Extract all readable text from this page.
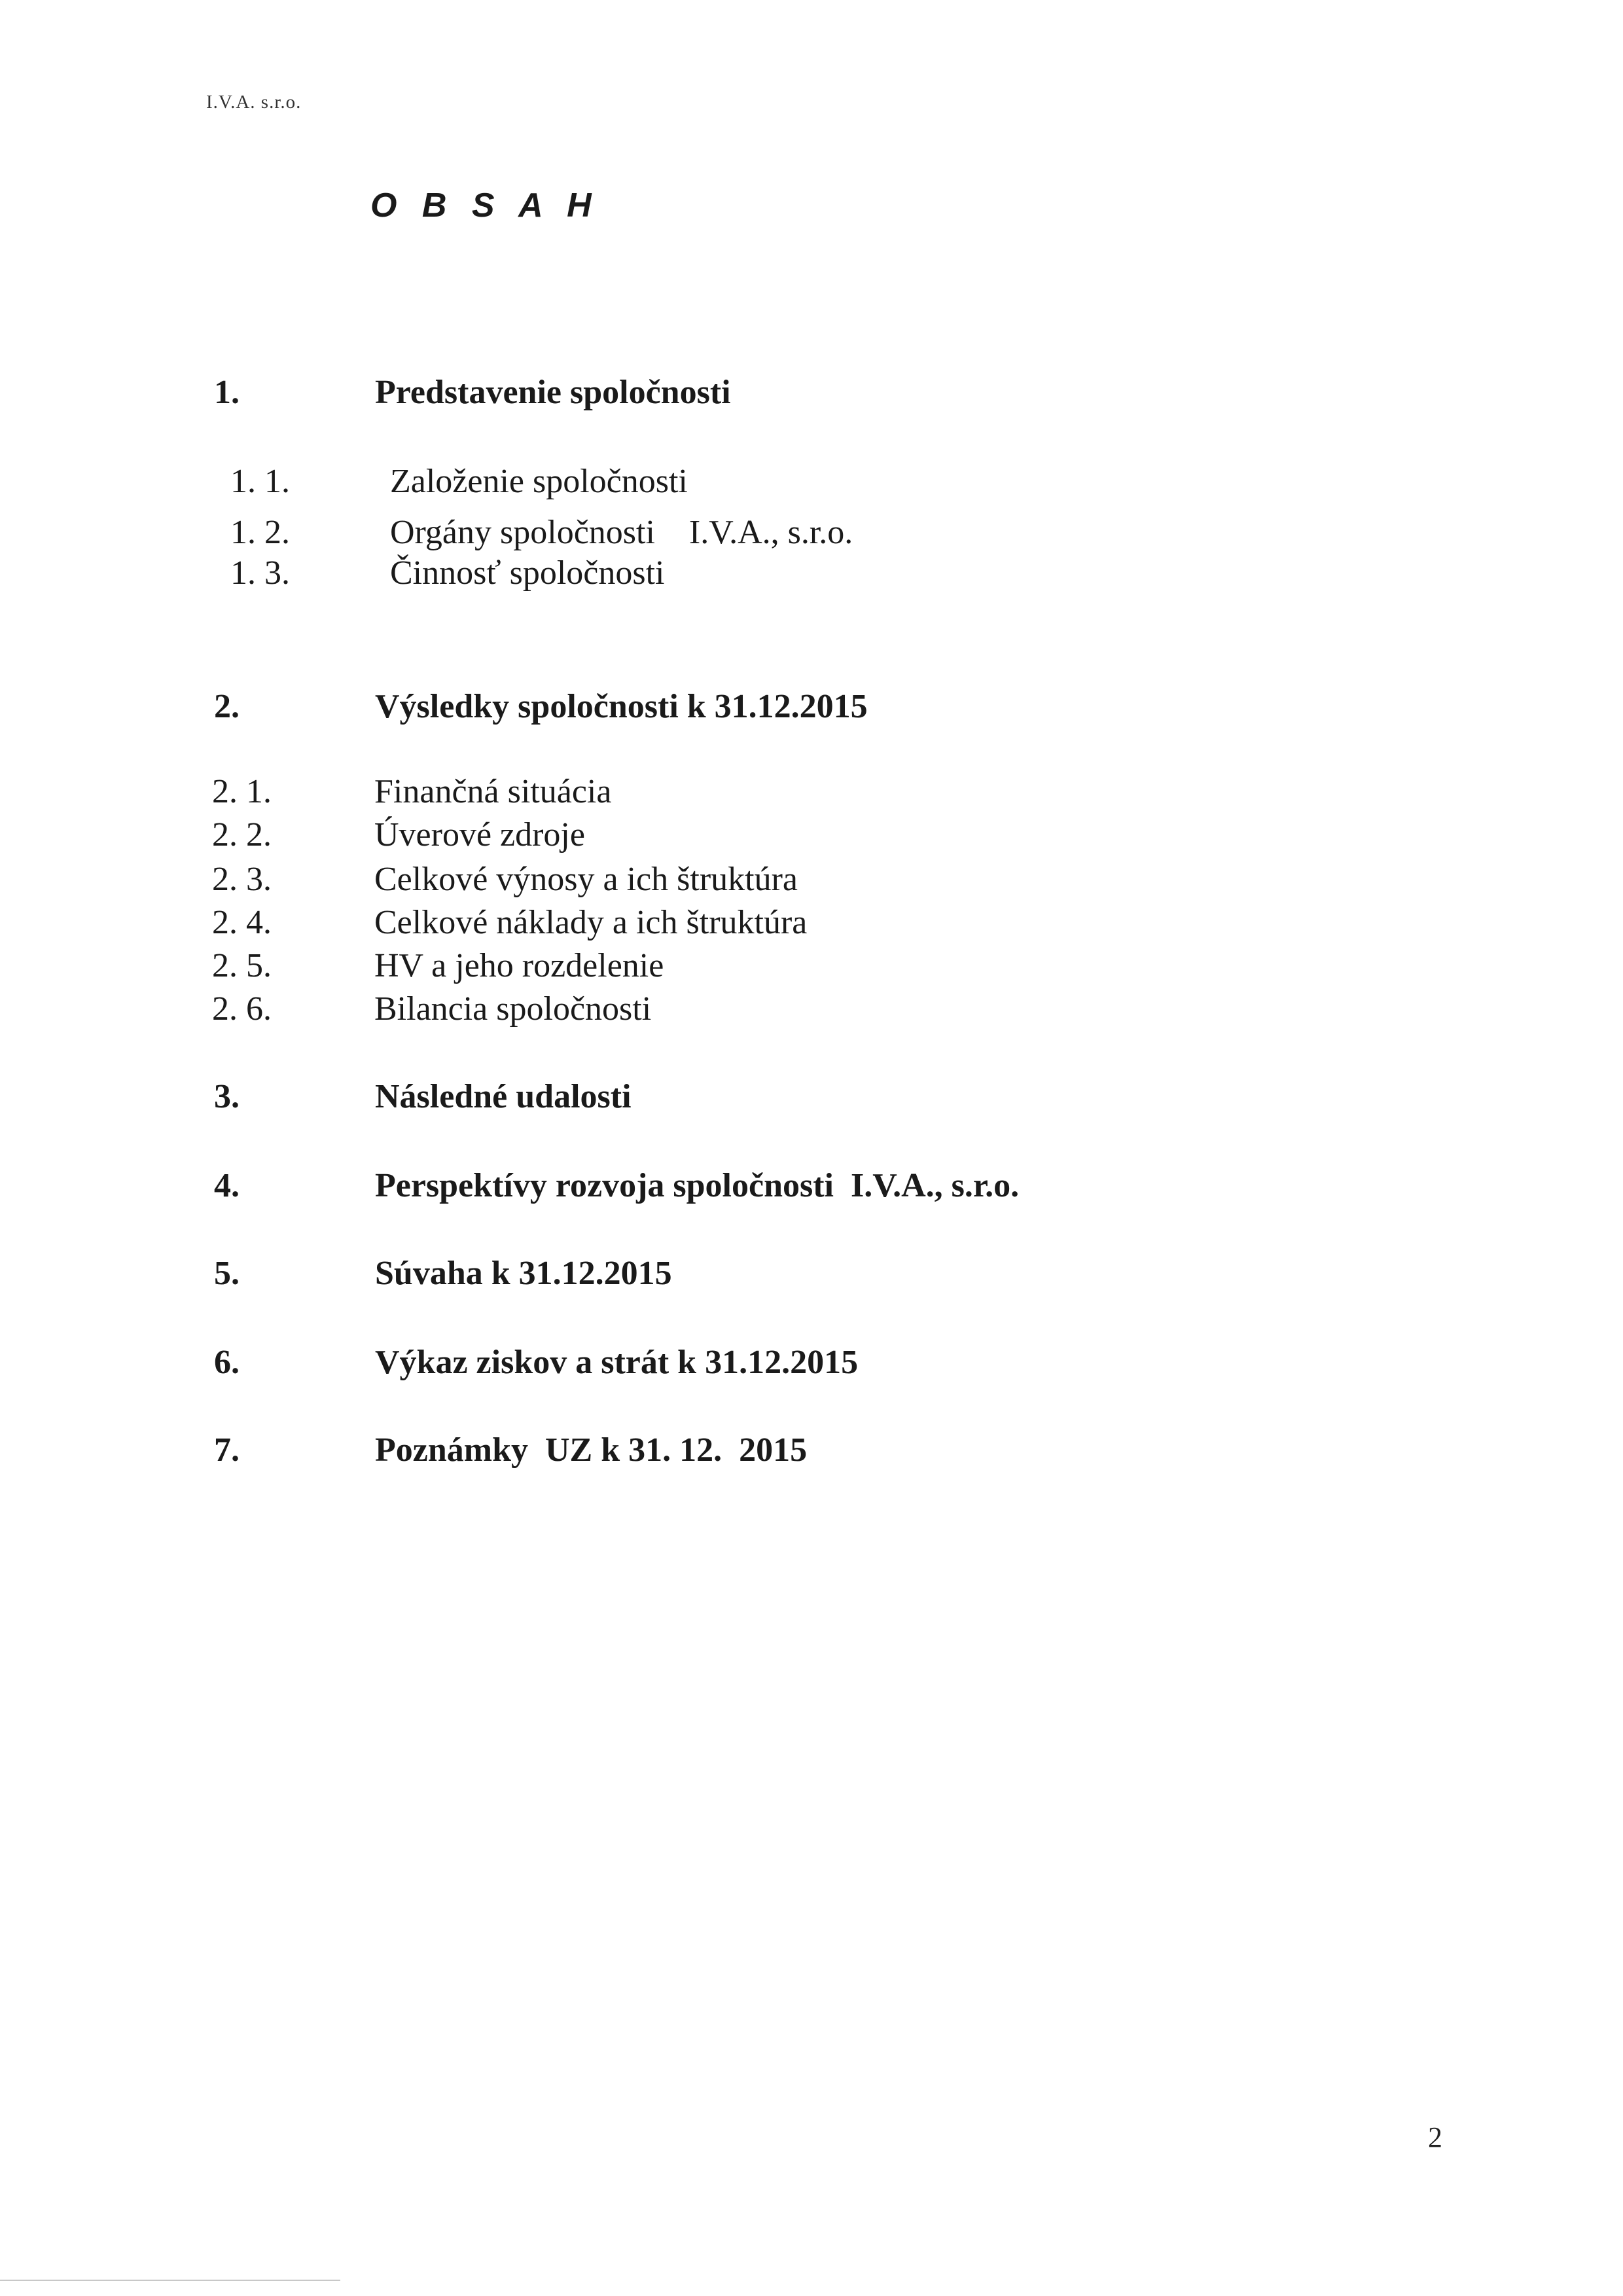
I.V.A. s.r.o.
O B S A H
1.	Predstavenie spoločnosti
1. 1.	Založenie spoločnosti
1. 2.	Orgány spoločnosti    I.V.A., s.r.o.
1. 3.	Činnosť spoločnosti
2.	Výsledky spoločnosti k 31.12.2015
2. 1.	Finančná situácia
2. 2.	Úverové zdroje
2. 3.	Celkové výnosy a ich štruktúra
2. 4.	Celkové náklady a ich štruktúra
2. 5.	HV a jeho rozdelenie
2. 6.	Bilancia spoločnosti
3.	Následné udalosti
4.	Perspektívy rozvoja spoločnosti  I.V.A., s.r.o.
5.	Súvaha k 31.12.2015
6.	Výkaz ziskov a strát k 31.12.2015
7.	Poznámky  UZ k 31. 12.  2015
2
